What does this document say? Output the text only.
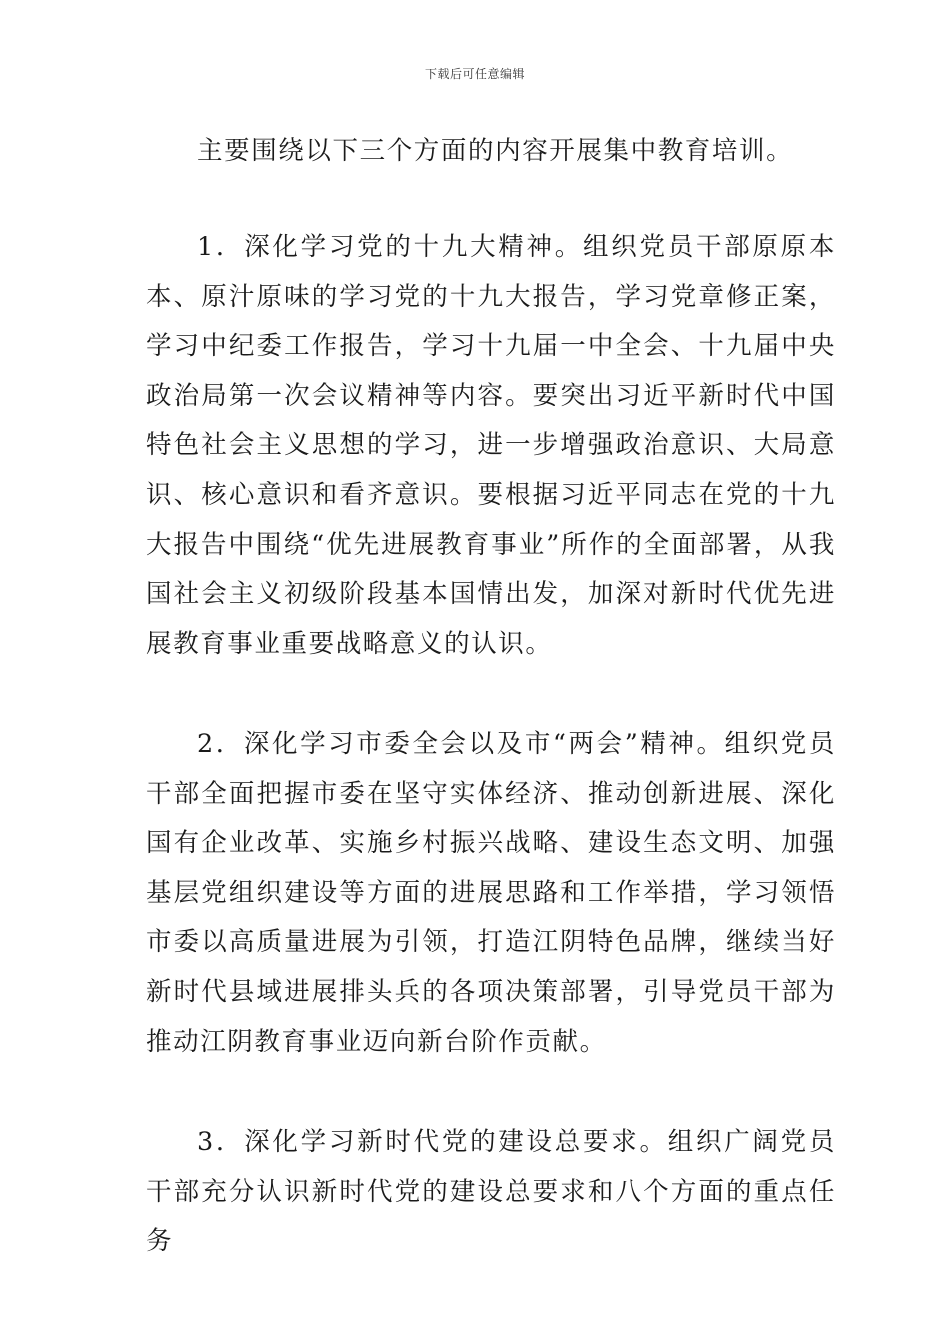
下载后可任意编辑

主要围绕以下三个方面的内容开展集中教育培训。

1．深化学习党的十九大精神。组织党员干部原原本本、原汁原味的学习党的十九大报告，学习党章修正案，学习中纪委工作报告，学习十九届一中全会、十九届中央政治局第一次会议精神等内容。要突出习近平新时代中国特色社会主义思想的学习，进一步增强政治意识、大局意识、核心意识和看齐意识。要根据习近平同志在党的十九大报告中围绕“优先进展教育事业”所作的全面部署，从我国社会主义初级阶段基本国情出发，加深对新时代优先进展教育事业重要战略意义的认识。

2．深化学习市委全会以及市“两会”精神。组织党员干部全面把握市委在坚守实体经济、推动创新进展、深化国有企业改革、实施乡村振兴战略、建设生态文明、加强基层党组织建设等方面的进展思路和工作举措，学习领悟市委以高质量进展为引领，打造江阴特色品牌，继续当好新时代县域进展排头兵的各项决策部署，引导党员干部为推动江阴教育事业迈向新台阶作贡献。

3．深化学习新时代党的建设总要求。组织广阔党员干部充分认识新时代党的建设总要求和八个方面的重点任务
